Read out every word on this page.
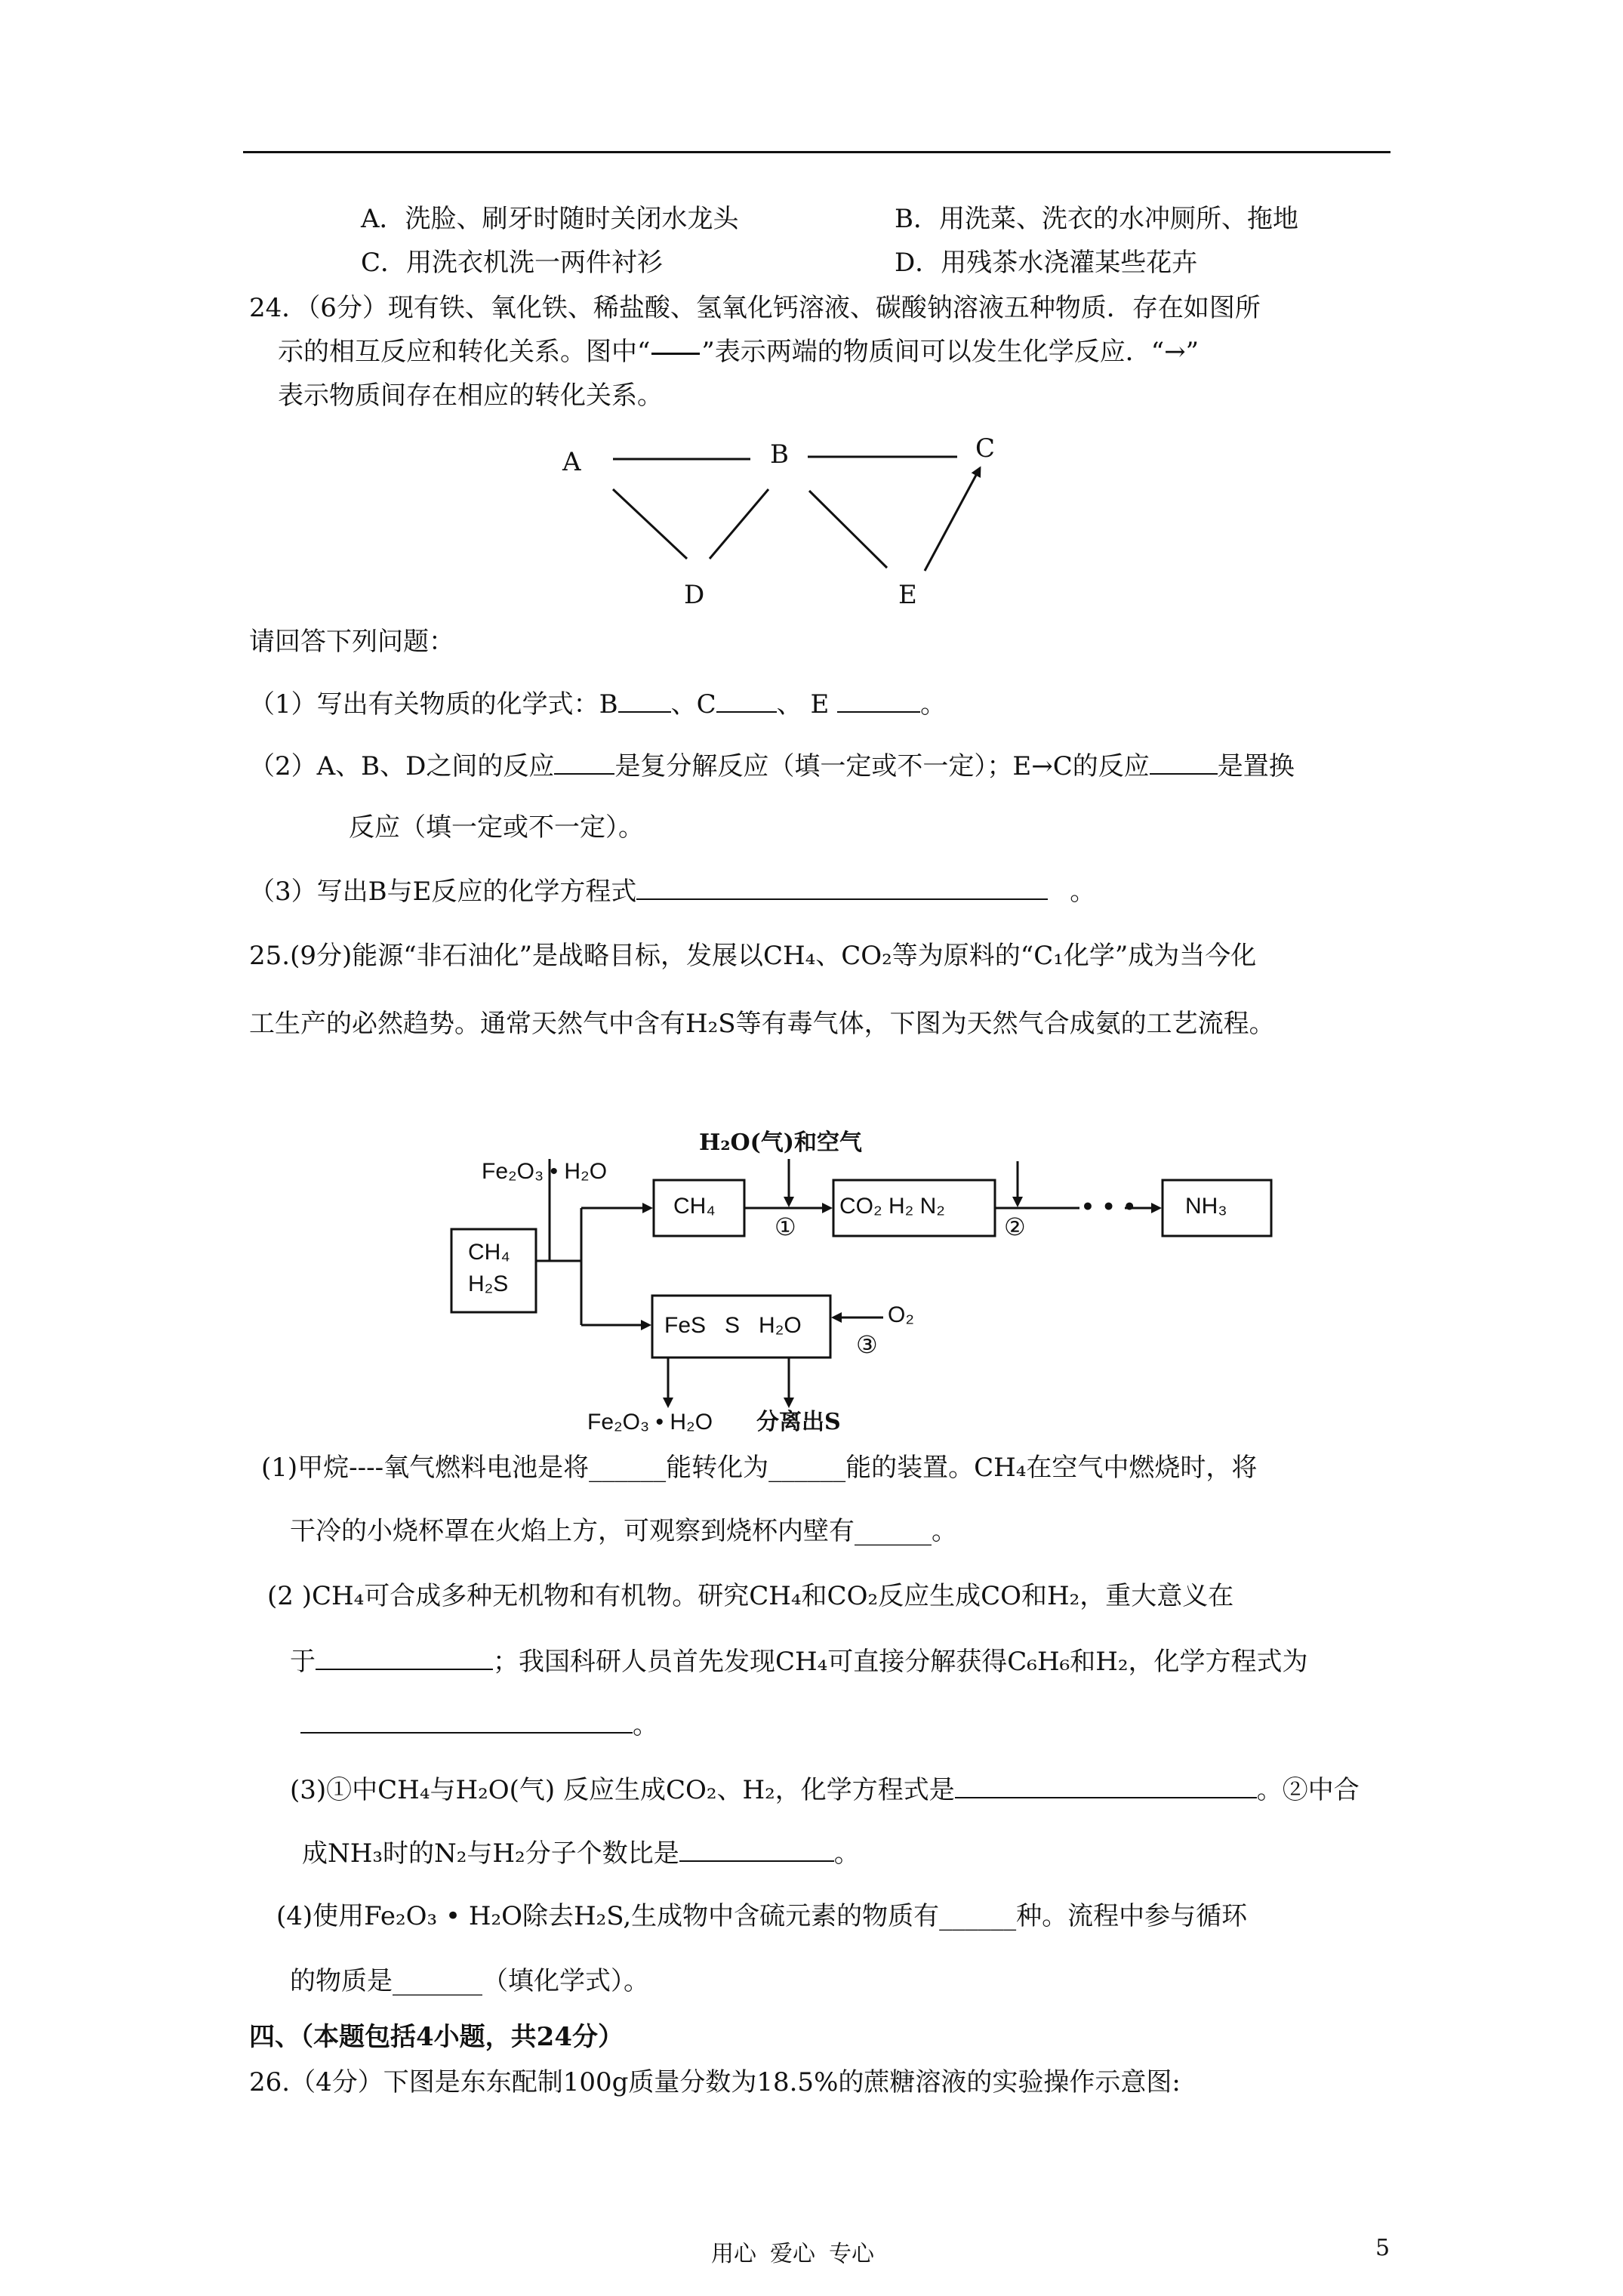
A．洗脸、刷牙时随时关闭水龙头	B．用洗菜、洗衣的水冲厕所、拖地
C．用洗衣机洗一两件衬衫	D．用残茶水浇灌某些花卉
24．（6分）现有铁、氧化铁、稀盐酸、氢氧化钙溶液、碳酸钠溶液五种物质．存在如图所
示的相互反应和转化关系。图中“ ”表示两端的物质间可以发生化学反应．“→”
表示物质间存在相应的转化关系。
A	B	C
D	E
请回答下列问题：
（1）写出有关物质的化学式：B 、C 、 E	。
（2）A、B、D之间的反应 是复分解反应（填一定或不一定）；E→C的反应	是置换
反应（填一定或不一定）。
（3）写出B与E反应的化学方程式	。
25.(9分)能源“非石油化”是战略目标，发展以CH₄、CO₂等为原料的“C₁化学”成为当今化
工生产的必然趋势。通常天然气中含有H₂S等有毒气体，下图为天然气合成氨的工艺流程。
H₂O(气)和空气
Fe₂O₃ • H₂O
CH₄	CO₂ H₂ N₂	NH₃
CH₄
H₂S
FeS   S   H₂O	O₂
①	②
• • •
③
Fe₂O₃ • H₂O 分离出S
(1)甲烷----氧气燃料电池是将______能转化为______能的装置。CH₄在空气中燃烧时，将
干冷的小烧杯罩在火焰上方，可观察到烧杯内壁有______。
(2 )CH₄可合成多种无机物和有机物。研究CH₄和CO₂反应生成CO和H₂，重大意义在
于	；我国科研人员首先发现CH₄可直接分解获得C₆H₆和H₂，化学方程式为
。
(3)①中CH₄与H₂O(气) 反应生成CO₂、H₂，化学方程式是	。②中合
成NH₃时的N₂与H₂分子个数比是	。
(4)使用Fe₂O₃ • H₂O除去H₂S,生成物中含硫元素的物质有______种。流程中参与循环
的物质是_______（填化学式）。
四、（本题包括4小题，共24分）
26.（4分）下图是东东配制100g质量分数为18.5%的蔗糖溶液的实验操作示意图:
用心 爱心 专心	5
